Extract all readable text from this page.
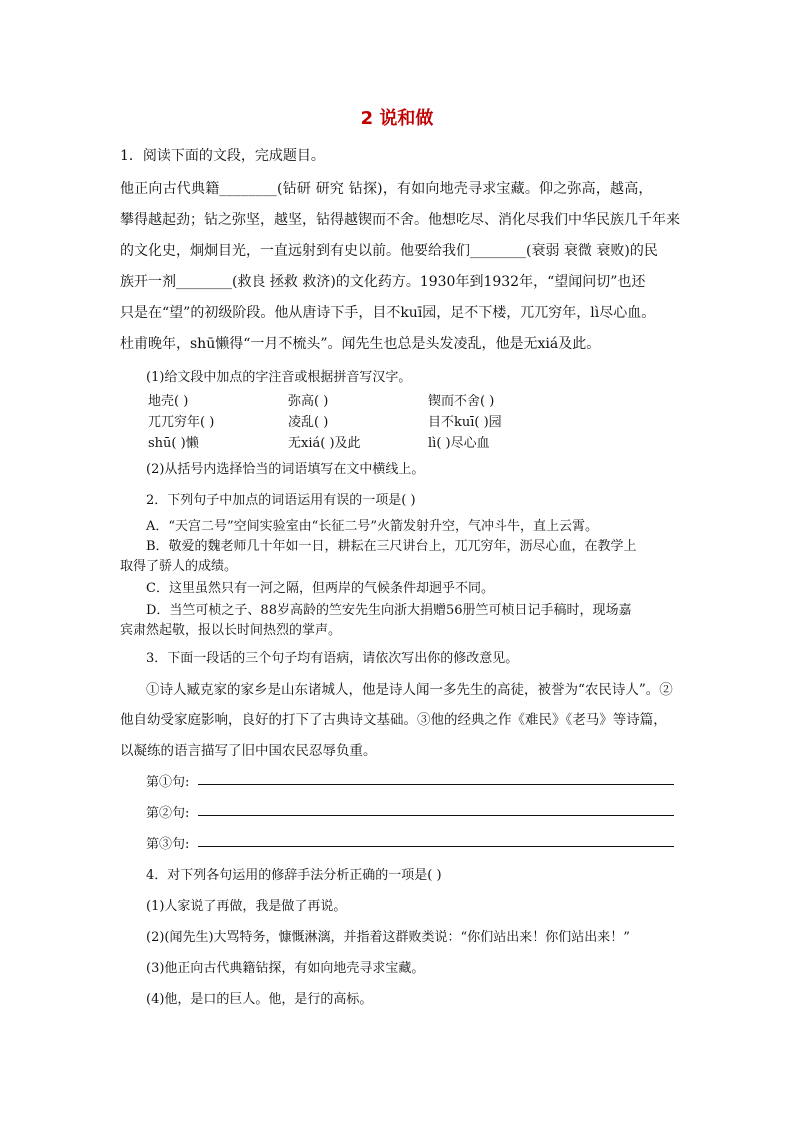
2 说和做
1．阅读下面的文段，完成题目。
他正向古代典籍________(钻研 研究 钻探)，有如向地壳寻求宝藏。仰之弥高，越高，
攀得越起劲；钻之弥坚，越坚，钻得越锲而不舍。他想吃尽、消化尽我们中华民族几千年来
的文化史，炯炯目光，一直远射到有史以前。他要给我们________(衰弱 衰微 衰败)的民
族开一剂________(救良 拯救 救济)的文化药方。1930年到1932年，“望闻问切”也还
只是在“望”的初级阶段。他从唐诗下手，目不kuī园，足不下楼，兀兀穷年，lì尽心血。
杜甫晚年，shū懒得“一月不梳头”。闻先生也总是头发凌乱，他是无xiá及此。
(1)给文段中加点的字注音或根据拼音写汉字。
地壳( )	弥高( )	锲而不舍( )
兀兀穷年( )	凌乱( )	目不kuī( )园
shū( )懒	无xiá( )及此	lì( )尽心血
(2)从括号内选择恰当的词语填写在文中横线上。
2．下列句子中加点的词语运用有误的一项是( )
A．“天宫二号”空间实验室由“长征二号”火箭发射升空，气冲斗牛，直上云霄。
B．敬爱的魏老师几十年如一日，耕耘在三尺讲台上，兀兀穷年，沥尽心血，在教学上
取得了骄人的成绩。
C．这里虽然只有一河之隔，但两岸的气候条件却迥乎不同。
D．当竺可桢之子、88岁高龄的竺安先生向浙大捐赠56册竺可桢日记手稿时，现场嘉
宾肃然起敬，报以长时间热烈的掌声。
3．下面一段话的三个句子均有语病，请依次写出你的修改意见。
①诗人臧克家的家乡是山东诸城人，他是诗人闻一多先生的高徒，被誉为“农民诗人”。②
他自幼受家庭影响，良好的打下了古典诗文基础。③他的经典之作《难民》《老马》等诗篇，
以凝练的语言描写了旧中国农民忍辱负重。
第①句:
第②句:
第③句:
4．对下列各句运用的修辞手法分析正确的一项是( )
(1)人家说了再做，我是做了再说。
(2)(闻先生)大骂特务，慷慨淋漓，并指着这群败类说：“你们站出来！你们站出来！”
(3)他正向古代典籍钻探，有如向地壳寻求宝藏。
(4)他，是口的巨人。他，是行的高标。
